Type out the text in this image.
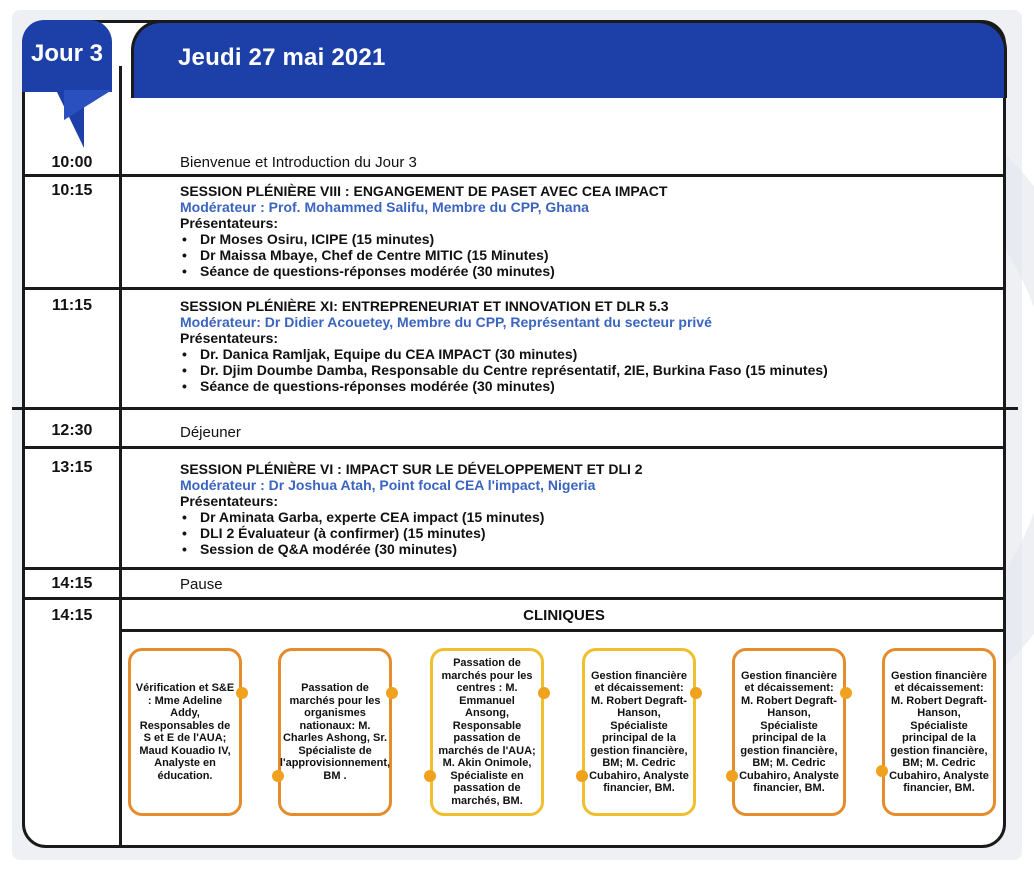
Jeudi 27 mai 2021
Jour 3
10:00	Bienvenue et Introduction du Jour 3
10:15	SESSION PLÉNIÈRE VIII : ENGANGEMENT DE PASET AVEC CEA IMPACT
Modérateur : Prof. Mohammed Salifu, Membre du CPP, Ghana
Présentateurs:
• Dr Moses Osiru, ICIPE (15 minutes)
• Dr Maissa Mbaye, Chef de Centre MITIC (15 Minutes)
• Séance de questions-réponses modérée (30 minutes)
11:15	SESSION PLÉNIÈRE XI: ENTREPRENEURIAT ET INNOVATION ET DLR 5.3
Modérateur: Dr Didier Acouetey, Membre du CPP, Représentant du secteur privé
Présentateurs:
• Dr. Danica Ramljak, Equipe du CEA IMPACT (30 minutes)
• Dr. Djim Doumbe Damba, Responsable du Centre représentatif, 2IE, Burkina Faso (15 minutes)
• Séance de questions-réponses modérée (30 minutes)
12:30	Déjeuner
13:15	SESSION PLÉNIÈRE VI : IMPACT SUR LE DÉVELOPPEMENT ET DLI 2
Modérateur : Dr Joshua Atah, Point focal CEA l'impact, Nigeria
Présentateurs:
• Dr Aminata Garba, experte CEA impact (15 minutes)
• DLI 2 Évaluateur (à confirmer) (15 minutes)
• Session de Q&A modérée (30 minutes)
14:15	Pause
14:15	CLINIQUES
Vérification et S&E : Mme Adeline Addy, Responsables de S et E de l'AUA; Maud Kouadio IV, Analyste en éducation.
Passation de marchés pour les organismes nationaux: M. Charles Ashong, Sr. Spécialiste de l'approvisionnement, BM .
Passation de marchés pour les centres : M. Emmanuel Ansong, Responsable passation de marchés de l'AUA; M. Akin Onimole, Spécialiste en passation de marchés, BM.
Gestion financière et décaissement: M. Robert Degraft-Hanson, Spécialiste principal de la gestion financière, BM; M. Cedric Cubahiro, Analyste financier, BM.
Gestion financière et décaissement: M. Robert Degraft-Hanson, Spécialiste principal de la gestion financière, BM; M. Cedric Cubahiro, Analyste financier, BM.
Gestion financière et décaissement: M. Robert Degraft-Hanson, Spécialiste principal de la gestion financière, BM; M. Cedric Cubahiro, Analyste financier, BM.
